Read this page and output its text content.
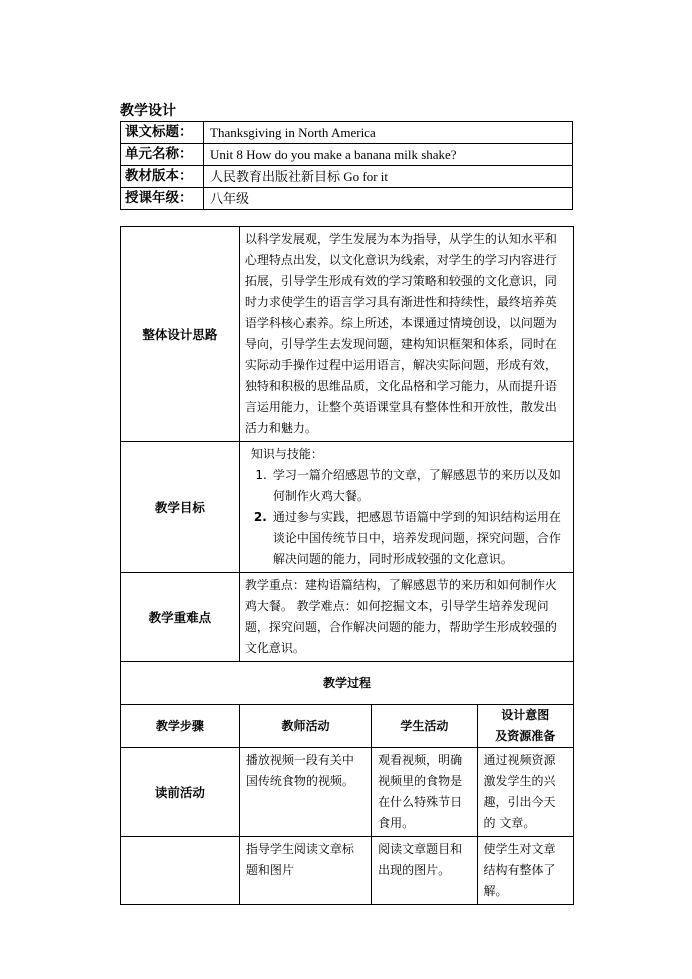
教学设计
课文标题：	Thanksgiving in North America
单元名称：	Unit 8 How do you make a banana milk shake?
教材版本：	人民教育出版社新目标 Go for it
授课年级：	八年级
整体设计思路	以科学发展观，学生发展为本为指导，从学生的认知水平和心理特点出发，以文化意识为线索，对学生的学习内容进行拓展，引导学生形成有效的学习策略和较强的文化意识，同时力求使学生的语言学习具有渐进性和持续性，最终培养英语学科核心素养。综上所述，本课通过情境创设，以问题为导向，引导学生去发现问题，建构知识框架和体系，同时在实际动手操作过程中运用语言，解决实际问题，形成有效，独特和积极的思维品质，文化品格和学习能力，从而提升语言运用能力，让整个英语课堂具有整体性和开放性，散发出活力和魅力。		
教学目标	知识与技能：
1. 学习一篇介绍感恩节的文章，了解感恩节的来历以及如何制作火鸡大餐。
2. 通过参与实践，把感恩节语篇中学到的知识结构运用在谈论中国传统节日中，培养发现问题，探究问题，合作解决问题的能力，同时形成较强的文化意识。		

教学重难点	教学重点：建构语篇结构，了解感恩节的来历和如何制作火鸡大餐。 教学难点：如何挖掘文本，引导学生培养发现问题，探究问题，合作解决问题的能力，帮助学生形成较强的文化意识。		
教学过程			
教学步骤	教师活动	学生活动	设计意图
及资源准备
读前活动	播放视频一段有关中国传统食物的视频。	观看视频，明确视频里的食物是在什么特殊节日食用。	通过视频资源激发学生的兴趣，引出今天的 文章。
	指导学生阅读文章标题和图片	阅读文章题目和出现的图片。	使学生对文章结构有整体了解。
